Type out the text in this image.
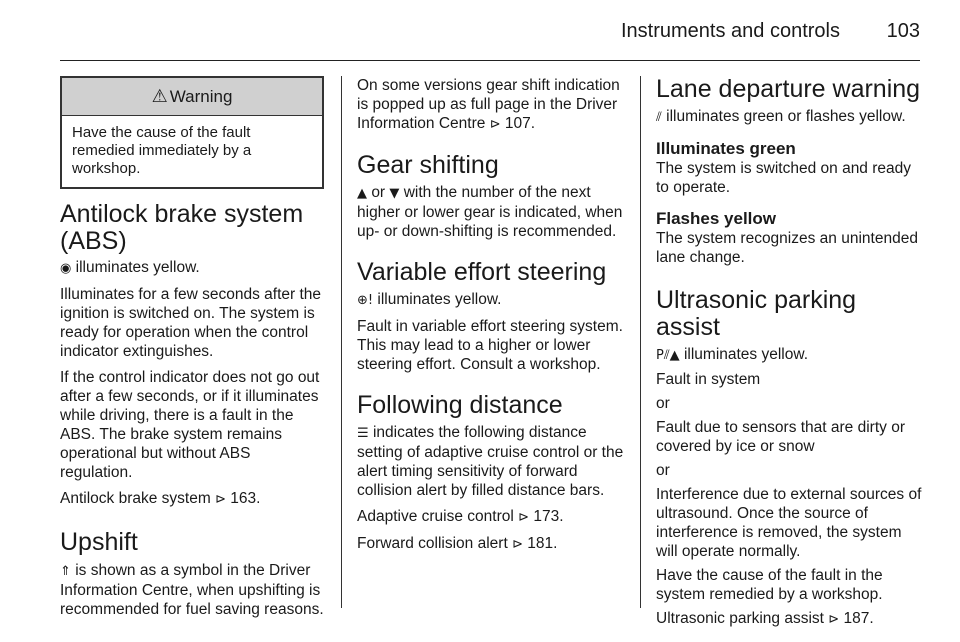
Instruments and controls 103
⚠ Warning
Have the cause of the fault remedied immediately by a workshop.
Antilock brake system (ABS)

◉ illuminates yellow.

Illuminates for a few seconds after the ignition is switched on. The system is ready for operation when the control indicator extinguishes.

If the control indicator does not go out after a few seconds, or if it illuminates while driving, there is a fault in the ABS. The brake system remains operational but without ABS regulation.

Antilock brake system ⊳ 163.

Upshift

⇑ is shown as a symbol in the Driver Information Centre, when upshifting is recommended for fuel saving reasons.

On some versions gear shift indication is popped up as full page in the Driver Information Centre ⊳ 107.

Gear shifting

▲ or ▼ with the number of the next higher or lower gear is indicated, when up- or down-shifting is recommended.

Variable effort steering

⊕! illuminates yellow.

Fault in variable effort steering system. This may lead to a higher or lower steering effort. Consult a workshop.

Following distance

☰ indicates the following distance setting of adaptive cruise control or the alert timing sensitivity of forward collision alert by filled distance bars.

Adaptive cruise control ⊳ 173.

Forward collision alert ⊳ 181.

Lane departure warning

⫽ illuminates green or flashes yellow.

Illuminates green

The system is switched on and ready to operate.

Flashes yellow

The system recognizes an unintended lane change.

Ultrasonic parking assist

P⫽▲ illuminates yellow.

Fault in system

or

Fault due to sensors that are dirty or covered by ice or snow

or

Interference due to external sources of ultrasound. Once the source of interference is removed, the system will operate normally.

Have the cause of the fault in the system remedied by a workshop.

Ultrasonic parking assist ⊳ 187.
